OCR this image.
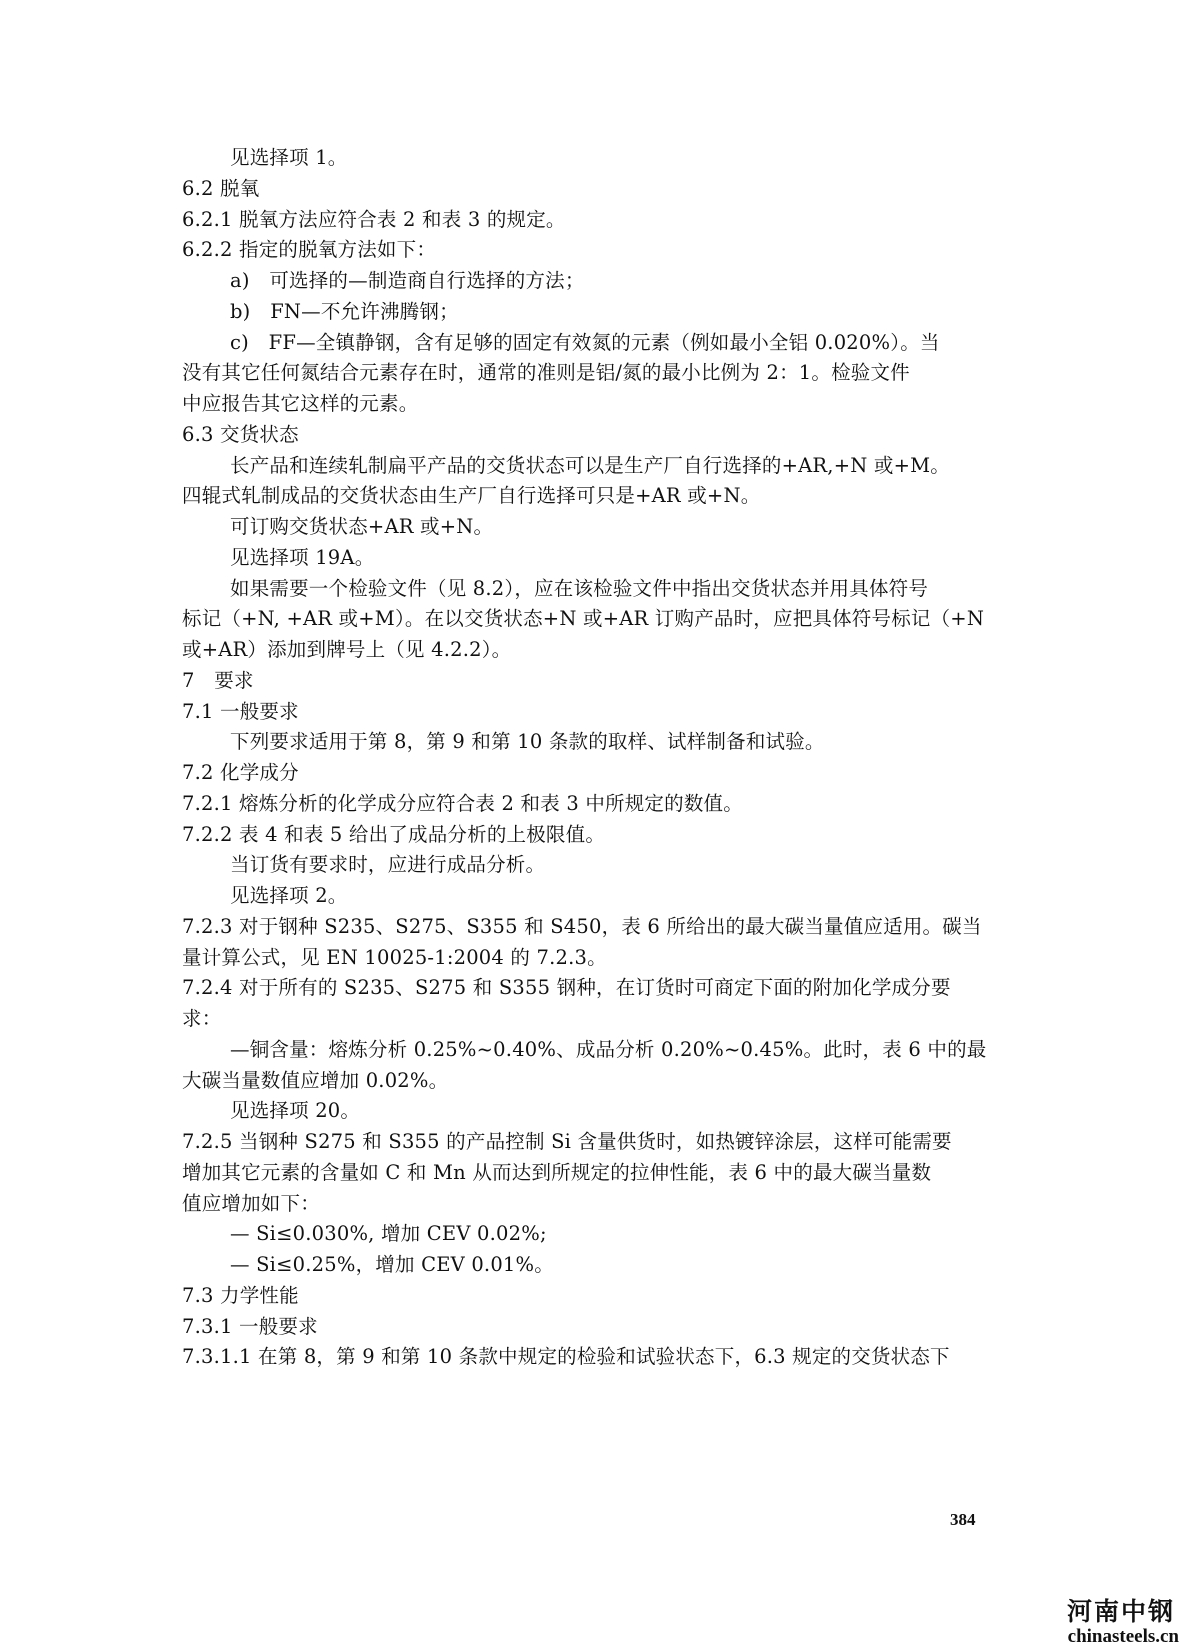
见选择项 1。
6.2 脱氧
6.2.1 脱氧方法应符合表 2 和表 3 的规定。
6.2.2 指定的脱氧方法如下：
a)　可选择的—制造商自行选择的方法；
b)　FN—不允许沸腾钢；
c)　FF—全镇静钢，含有足够的固定有效氮的元素（例如最小全铝 0.020%）。当
没有其它任何氮结合元素存在时，通常的准则是铝/氮的最小比例为 2：1。检验文件
中应报告其它这样的元素。
6.3 交货状态
长产品和连续轧制扁平产品的交货状态可以是生产厂自行选择的+AR,+N 或+M。
四辊式轧制成品的交货状态由生产厂自行选择可只是+AR 或+N。
可订购交货状态+AR 或+N。
见选择项 19A。
如果需要一个检验文件（见 8.2），应在该检验文件中指出交货状态并用具体符号
标记（+N, +AR 或+M）。在以交货状态+N 或+AR 订购产品时，应把具体符号标记（+N
或+AR）添加到牌号上（见 4.2.2）。
7　要求
7.1 一般要求
下列要求适用于第 8，第 9 和第 10 条款的取样、试样制备和试验。
7.2 化学成分
7.2.1 熔炼分析的化学成分应符合表 2 和表 3 中所规定的数值。
7.2.2 表 4 和表 5 给出了成品分析的上极限值。
当订货有要求时，应进行成品分析。
见选择项 2。
7.2.3 对于钢种 S235、S275、S355 和 S450，表 6 所给出的最大碳当量值应适用。碳当
量计算公式，见 EN 10025-1:2004 的 7.2.3。
7.2.4 对于所有的 S235、S275 和 S355 钢种，在订货时可商定下面的附加化学成分要
求：
—铜含量：熔炼分析 0.25%~0.40%、成品分析 0.20%~0.45%。此时，表 6 中的最
大碳当量数值应增加 0.02%。
见选择项 20。
7.2.5 当钢种 S275 和 S355 的产品控制 Si 含量供货时，如热镀锌涂层，这样可能需要
增加其它元素的含量如 C 和 Mn 从而达到所规定的拉伸性能，表 6 中的最大碳当量数
值应增加如下：
— Si≤0.030%, 增加 CEV 0.02%;
— Si≤0.25%，增加 CEV 0.01%。
7.3 力学性能
7.3.1 一般要求
7.3.1.1 在第 8，第 9 和第 10 条款中规定的检验和试验状态下，6.3 规定的交货状态下
384
河南中钢
chinasteels.cn
